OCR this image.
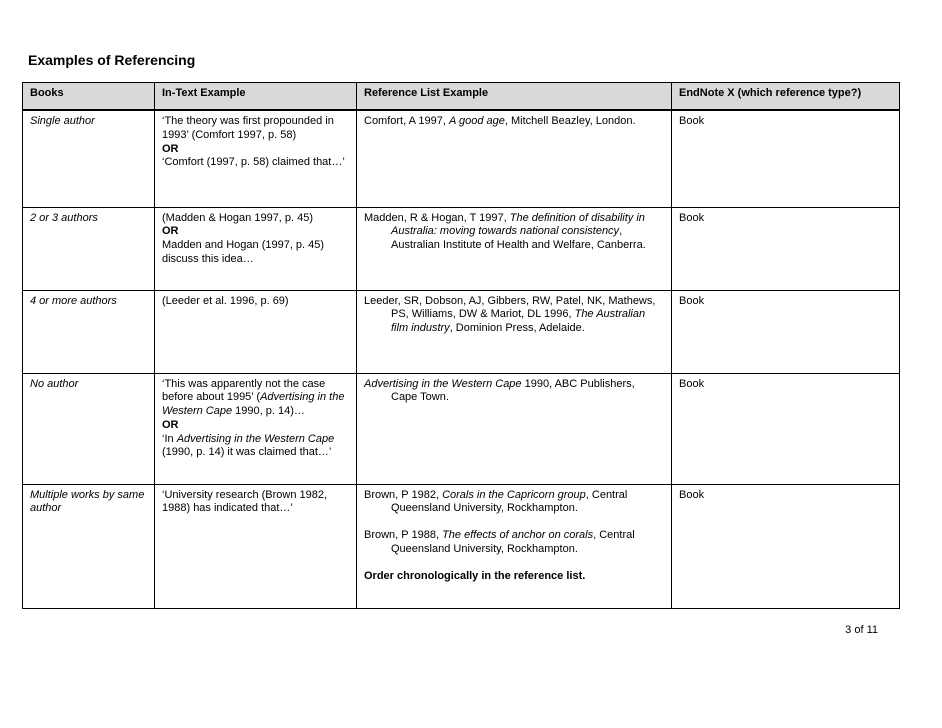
Examples of Referencing
Books	In-Text Example	Reference List Example	EndNote X (which reference type?)
Single author	‘The theory was first propounded in 1993’ (Comfort 1997, p. 58)
OR
‘Comfort (1997, p. 58) claimed that…’	Comfort, A 1997, A good age, Mitchell Beazley, London.	Book
2 or 3 authors	(Madden & Hogan 1997, p. 45)
OR
Madden and Hogan (1997, p. 45) discuss this idea…	Madden, R & Hogan, T 1997, The definition of disability in Australia: moving towards national consistency, Australian Institute of Health and Welfare, Canberra.	Book
4 or more authors	(Leeder et al. 1996, p. 69)	Leeder, SR, Dobson, AJ, Gibbers, RW, Patel, NK, Mathews, PS, Williams, DW & Mariot, DL 1996, The Australian film industry, Dominion Press, Adelaide.	Book
No author	‘This was apparently not the case before about 1995’ (Advertising in the Western Cape 1990, p. 14)…
OR
‘In Advertising in the Western Cape (1990, p. 14) it was claimed that…’	Advertising in the Western Cape 1990, ABC Publishers, Cape Town.	Book
Multiple works by same author	‘University research (Brown 1982, 1988) has indicated that…’	Brown, P 1982, Corals in the Capricorn group, Central Queensland University, Rockhampton.

Brown, P 1988, The effects of anchor on corals, Central Queensland University, Rockhampton.

Order chronologically in the reference list.	Book
3 of 11
